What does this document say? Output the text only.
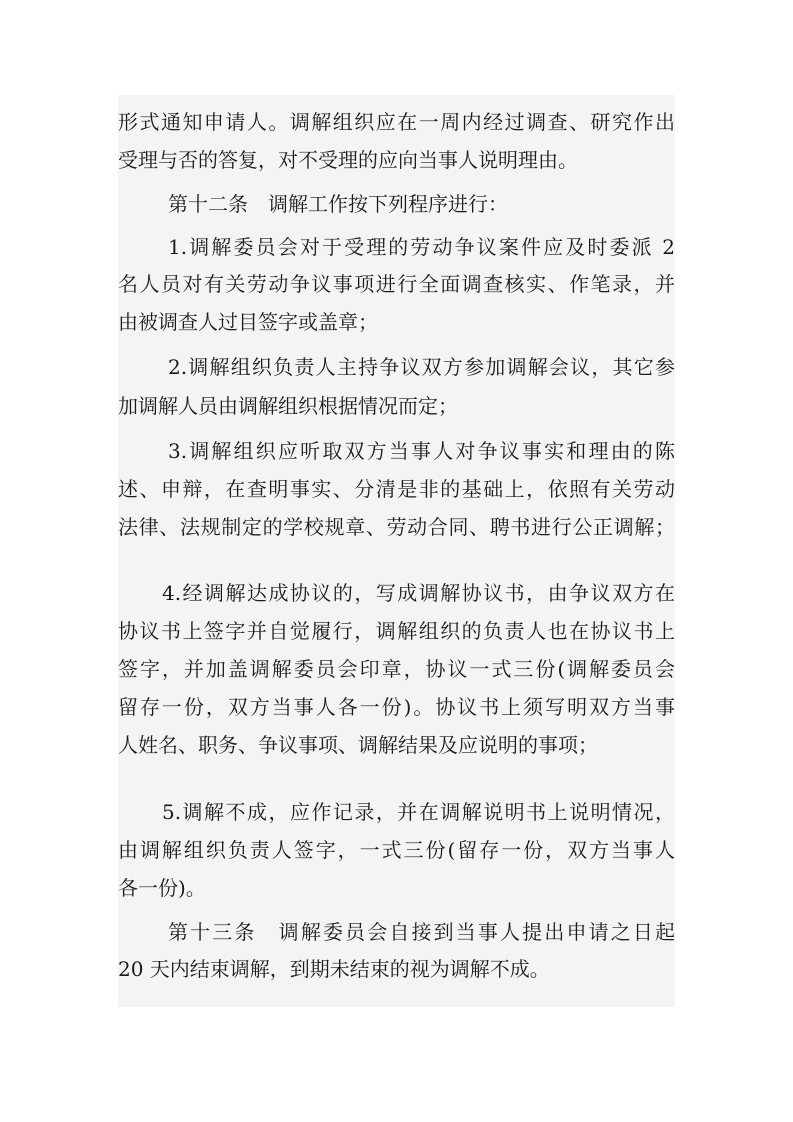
形式通知申请人。调解组织应在一周内经过调查、研究作出
受理与否的答复，对不受理的应向当事人说明理由。
第十二条　调解工作按下列程序进行：
1.调解委员会对于受理的劳动争议案件应及时委派 2
名人员对有关劳动争议事项进行全面调查核实、作笔录，并
由被调查人过目签字或盖章；
2.调解组织负责人主持争议双方参加调解会议，其它参
加调解人员由调解组织根据情况而定；
3.调解组织应听取双方当事人对争议事实和理由的陈
述、申辩，在查明事实、分清是非的基础上，依照有关劳动
法律、法规制定的学校规章、劳动合同、聘书进行公正调解；
4.经调解达成协议的，写成调解协议书，由争议双方在
协议书上签字并自觉履行，调解组织的负责人也在协议书上
签字，并加盖调解委员会印章，协议一式三份(调解委员会
留存一份，双方当事人各一份)。协议书上须写明双方当事
人姓名、职务、争议事项、调解结果及应说明的事项；
5.调解不成，应作记录，并在调解说明书上说明情况，
由调解组织负责人签字，一式三份(留存一份，双方当事人
各一份)。
第十三条　调解委员会自接到当事人提出申请之日起
20 天内结束调解，到期未结束的视为调解不成。
